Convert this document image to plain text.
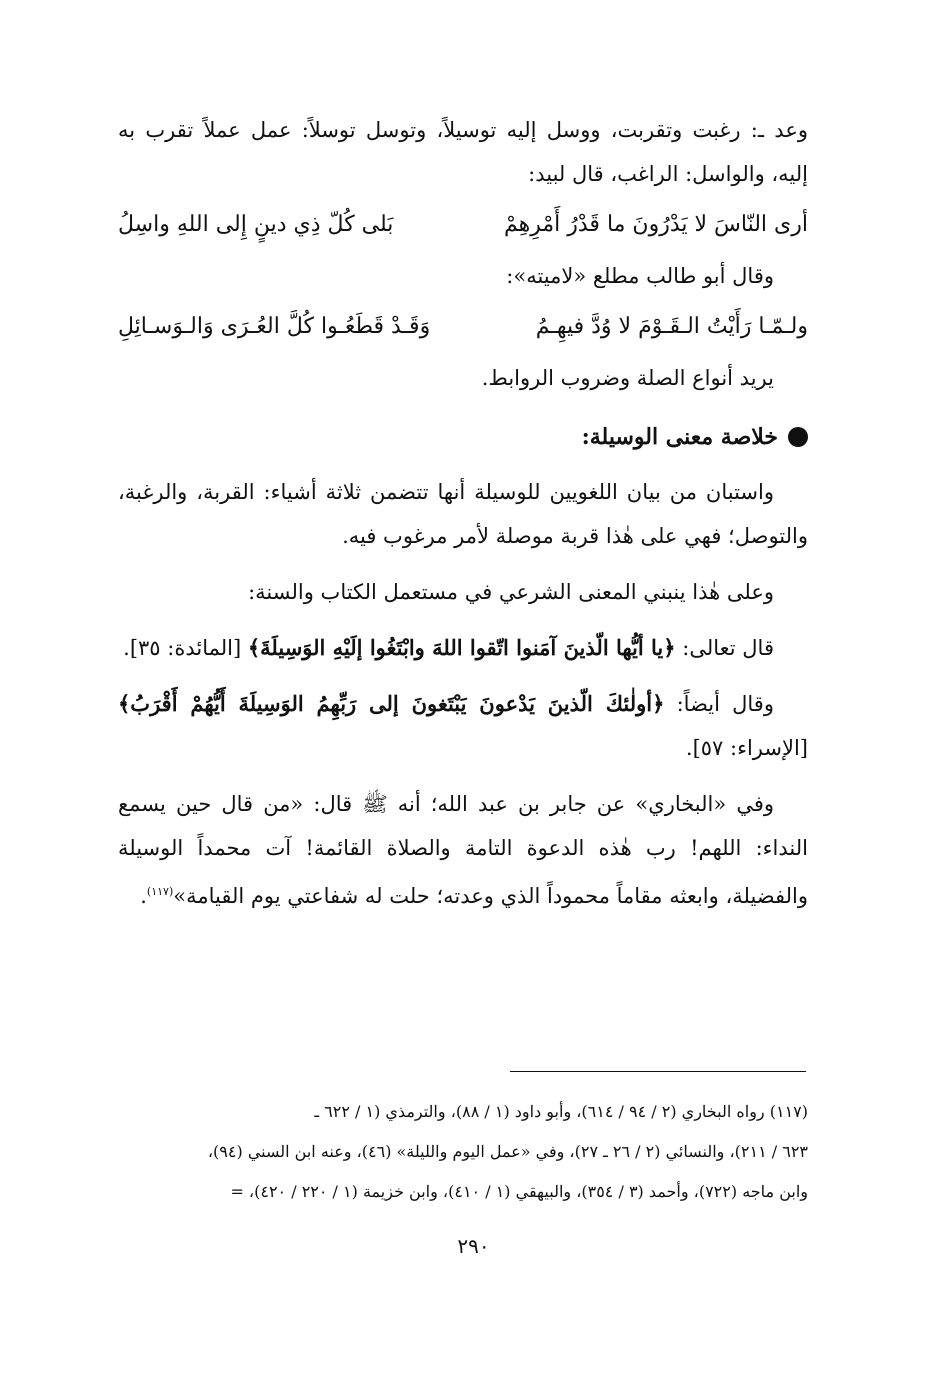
وعد ـ: رغبت وتقربت، ووسل إليه توسيلاً، وتوسل توسلاً: عمل عملاً تقرب به إليه، والواسل: الراغب، قال لبيد:

أرى النّاسَ لا يَدْرُونَ ما قَدْرُ أَمْرِهِمْ
بَلى كُلّ ذِي دينٍ إِلى اللهِ واسِلُ

وقال أبو طالب مطلع «لاميته»:

ولـمّـا رَأَيْتُ الـقَـوْمَ لا وُدَّ فيهِـمُ
وَقَـدْ قَطَعُـوا كُلَّ العُـرَى وَالـوَسـائِلِ

يريد أنواع الصلة وضروب الروابط.

خلاصة معنى الوسيلة:

واستبان من بيان اللغويين للوسيلة أنها تتضمن ثلاثة أشياء: القربة، والرغبة، والتوصل؛ فهي على هٰذا قربة موصلة لأمر مرغوب فيه.

وعلى هٰذا ينبني المعنى الشرعي في مستعمل الكتاب والسنة:

قال تعالى: ﴿يا أيُّها الّذينَ آمَنوا اتّقوا اللهَ وابْتَغُوا إلَيْهِ الوَسِيلَةَ﴾ [المائدة: ٣٥].

وقال أيضاً: ﴿أولٰئكَ الّذينَ يَدْعونَ يَبْتَغونَ إلى رَبِّهِمُ الوَسِيلَةَ أَيُّهُمْ أَقْرَبُ﴾ [الإسراء: ٥٧].

وفي «البخاري» عن جابر بن عبد الله؛ أنه ﷺ قال: «من قال حين يسمع النداء: اللهم! رب هٰذه الدعوة التامة والصلاة القائمة! آت محمداً الوسيلة والفضيلة، وابعثه مقاماً محموداً الذي وعدته؛ حلت له شفاعتي يوم القيامة»$^{(١١٧)}$.

(١١٧) رواه البخاري (٢ / ٩٤ / ٦١٤)، وأبو داود (١ / ٨٨)، والترمذي (١ / ٦٢٢ ـ

٦٢٣ / ٢١١)، والنسائي (٢ / ٢٦ ـ ٢٧)، وفي «عمل اليوم والليلة» (٤٦)، وعنه ابن السني (٩٤)،

وابن ماجه (٧٢٢)، وأحمد (٣ / ٣٥٤)، والبيهقي (١ / ٤١٠)، وابن خزيمة (١ / ٢٢٠ / ٤٢٠)، =

٢٩٠
